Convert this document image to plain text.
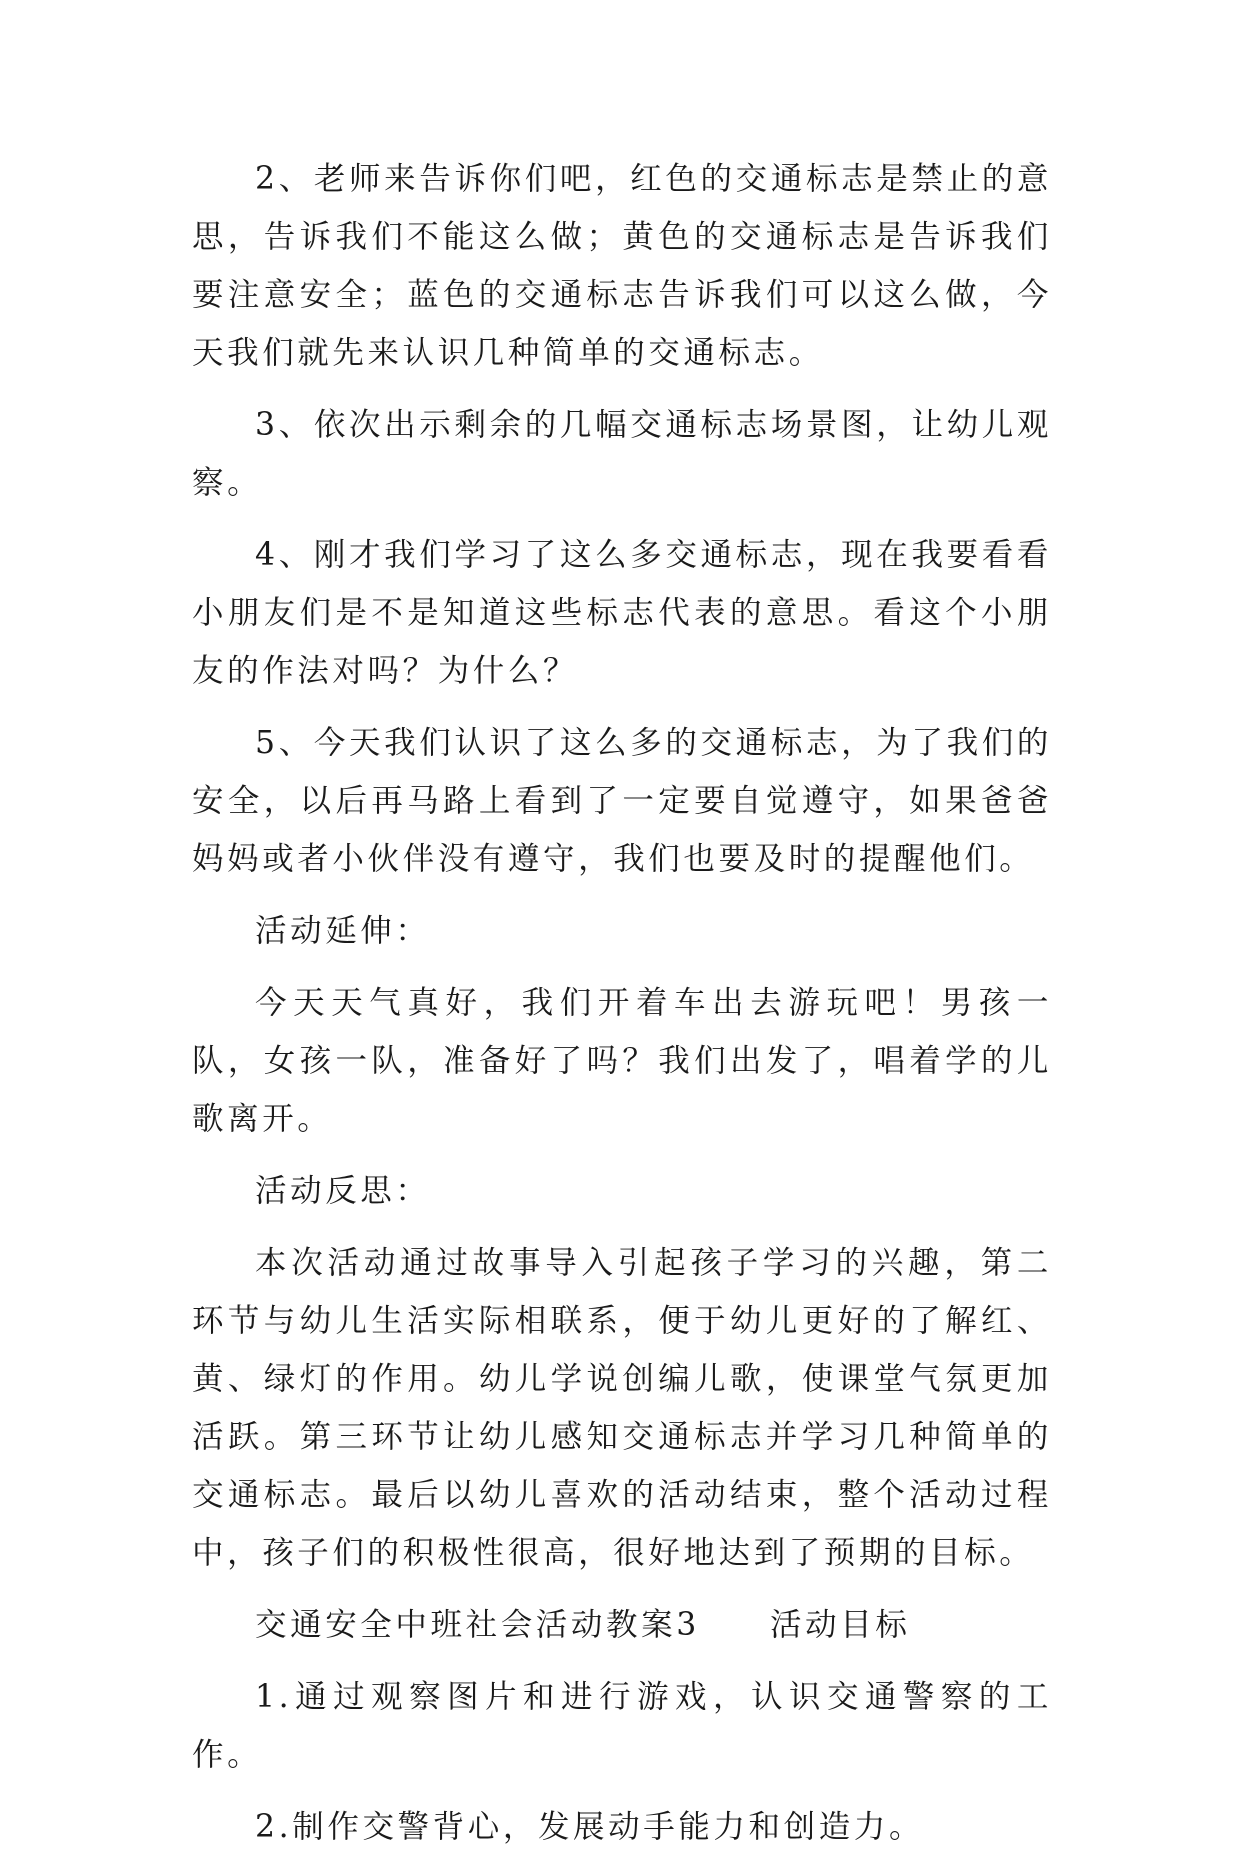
2、老师来告诉你们吧，红色的交通标志是禁止的意思，告诉我们不能这么做；黄色的交通标志是告诉我们要注意安全；蓝色的交通标志告诉我们可以这么做，今天我们就先来认识几种简单的交通标志。

3、依次出示剩余的几幅交通标志场景图，让幼儿观察。

4、刚才我们学习了这么多交通标志，现在我要看看小朋友们是不是知道这些标志代表的意思。看这个小朋友的作法对吗？为什么？

5、今天我们认识了这么多的交通标志，为了我们的安全，以后再马路上看到了一定要自觉遵守，如果爸爸妈妈或者小伙伴没有遵守，我们也要及时的提醒他们。

活动延伸：

今天天气真好，我们开着车出去游玩吧！男孩一队，女孩一队，准备好了吗？我们出发了，唱着学的儿歌离开。

活动反思：

本次活动通过故事导入引起孩子学习的兴趣，第二环节与幼儿生活实际相联系，便于幼儿更好的了解红、黄、绿灯的作用。幼儿学说创编儿歌，使课堂气氛更加活跃。第三环节让幼儿感知交通标志并学习几种简单的交通标志。最后以幼儿喜欢的活动结束，整个活动过程中，孩子们的积极性很高，很好地达到了预期的目标。

交通安全中班社会活动教案3　　活动目标

1.通过观察图片和进行游戏，认识交通警察的工作。

2.制作交警背心，发展动手能力和创造力。
